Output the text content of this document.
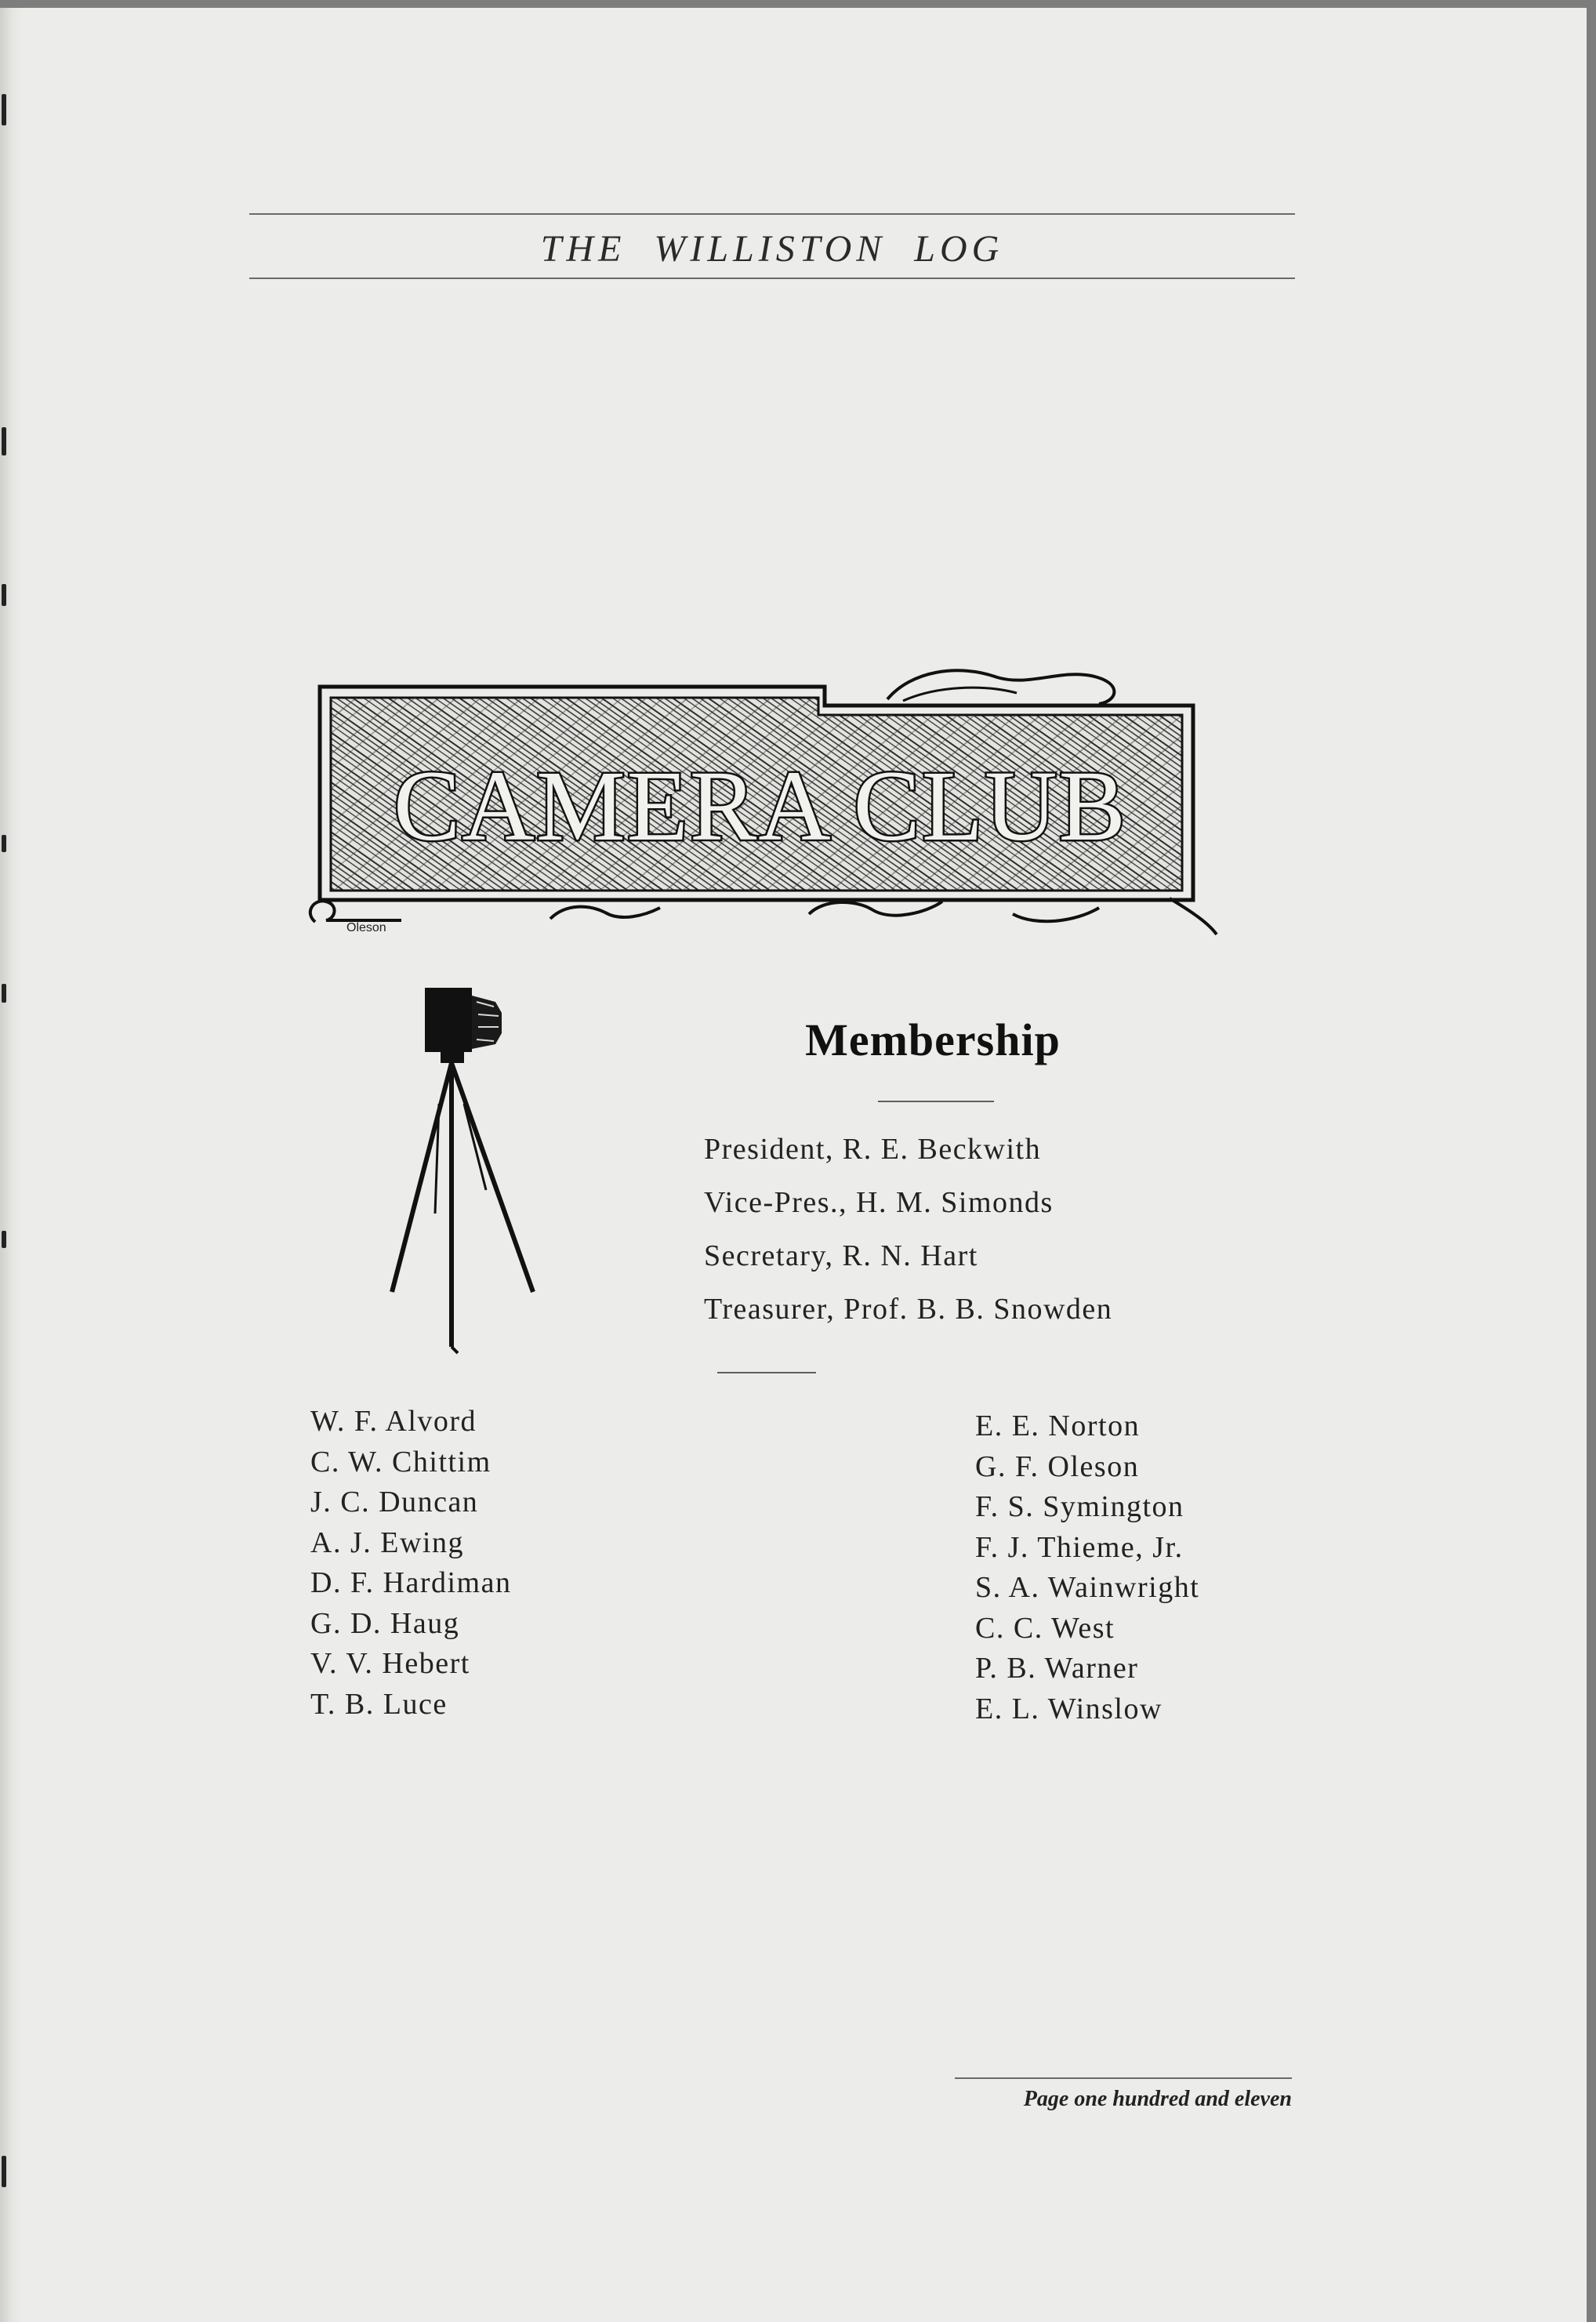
THE WILLISTON LOG
CAMERA CLUB
Oleson
Membership
President, R. E. Beckwith
Vice-Pres., H. M. Simonds
Secretary, R. N. Hart
Treasurer, Prof. B. B. Snowden
W. F. Alvord
C. W. Chittim
J. C. Duncan
A. J. Ewing
D. F. Hardiman
G. D. Haug
V. V. Hebert
T. B. Luce
E. E. Norton
G. F. Oleson
F. S. Symington
F. J. Thieme, Jr.
S. A. Wainwright
C. C. West
P. B. Warner
E. L. Winslow
Page one hundred and eleven
